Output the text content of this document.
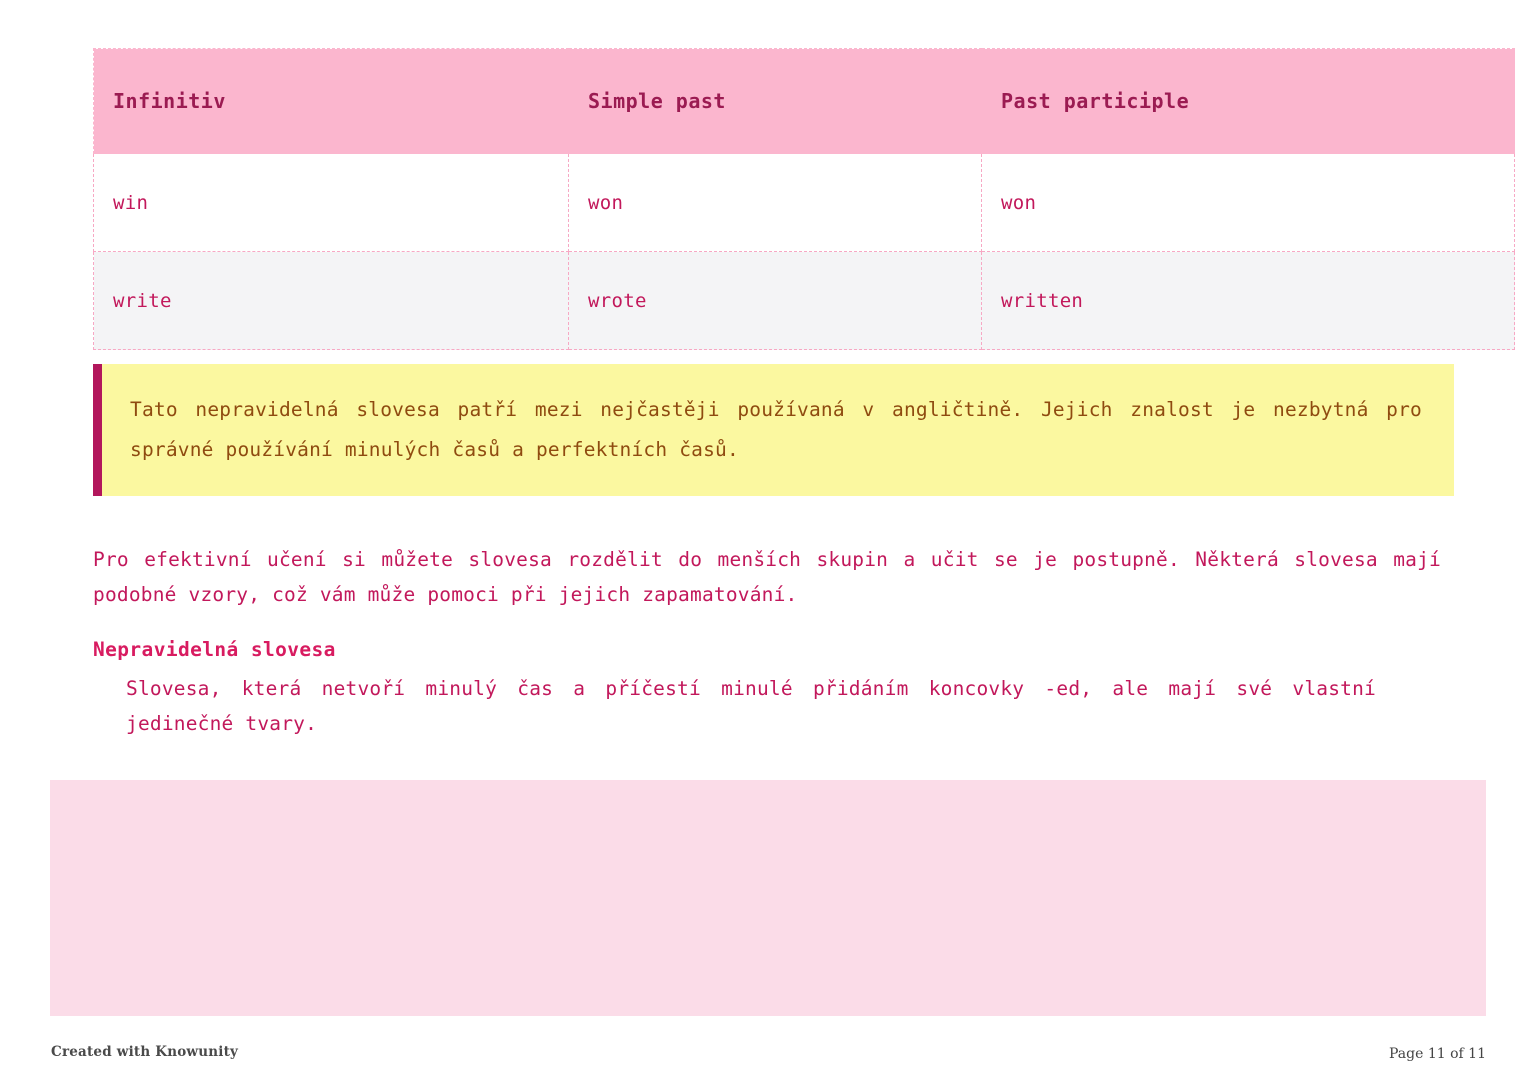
Infinitiv	Simple past	Past participle
win	won	won
write	wrote	written
Tato nepravidelná slovesa patří mezi nejčastěji používaná v angličtině. Jejich znalost je nezbytná pro správné používání minulých časů a perfektních časů.

Pro efektivní učení si můžete slovesa rozdělit do menších skupin a učit se je postupně. Některá slovesa mají podobné vzory, což vám může pomoci při jejich zapamatování.

Nepravidelná slovesa
Slovesa, která netvoří minulý čas a příčestí minulé přidáním koncovky -ed, ale mají své vlastní jedinečné tvary.
Created with Knowunity	Page 11 of 11
